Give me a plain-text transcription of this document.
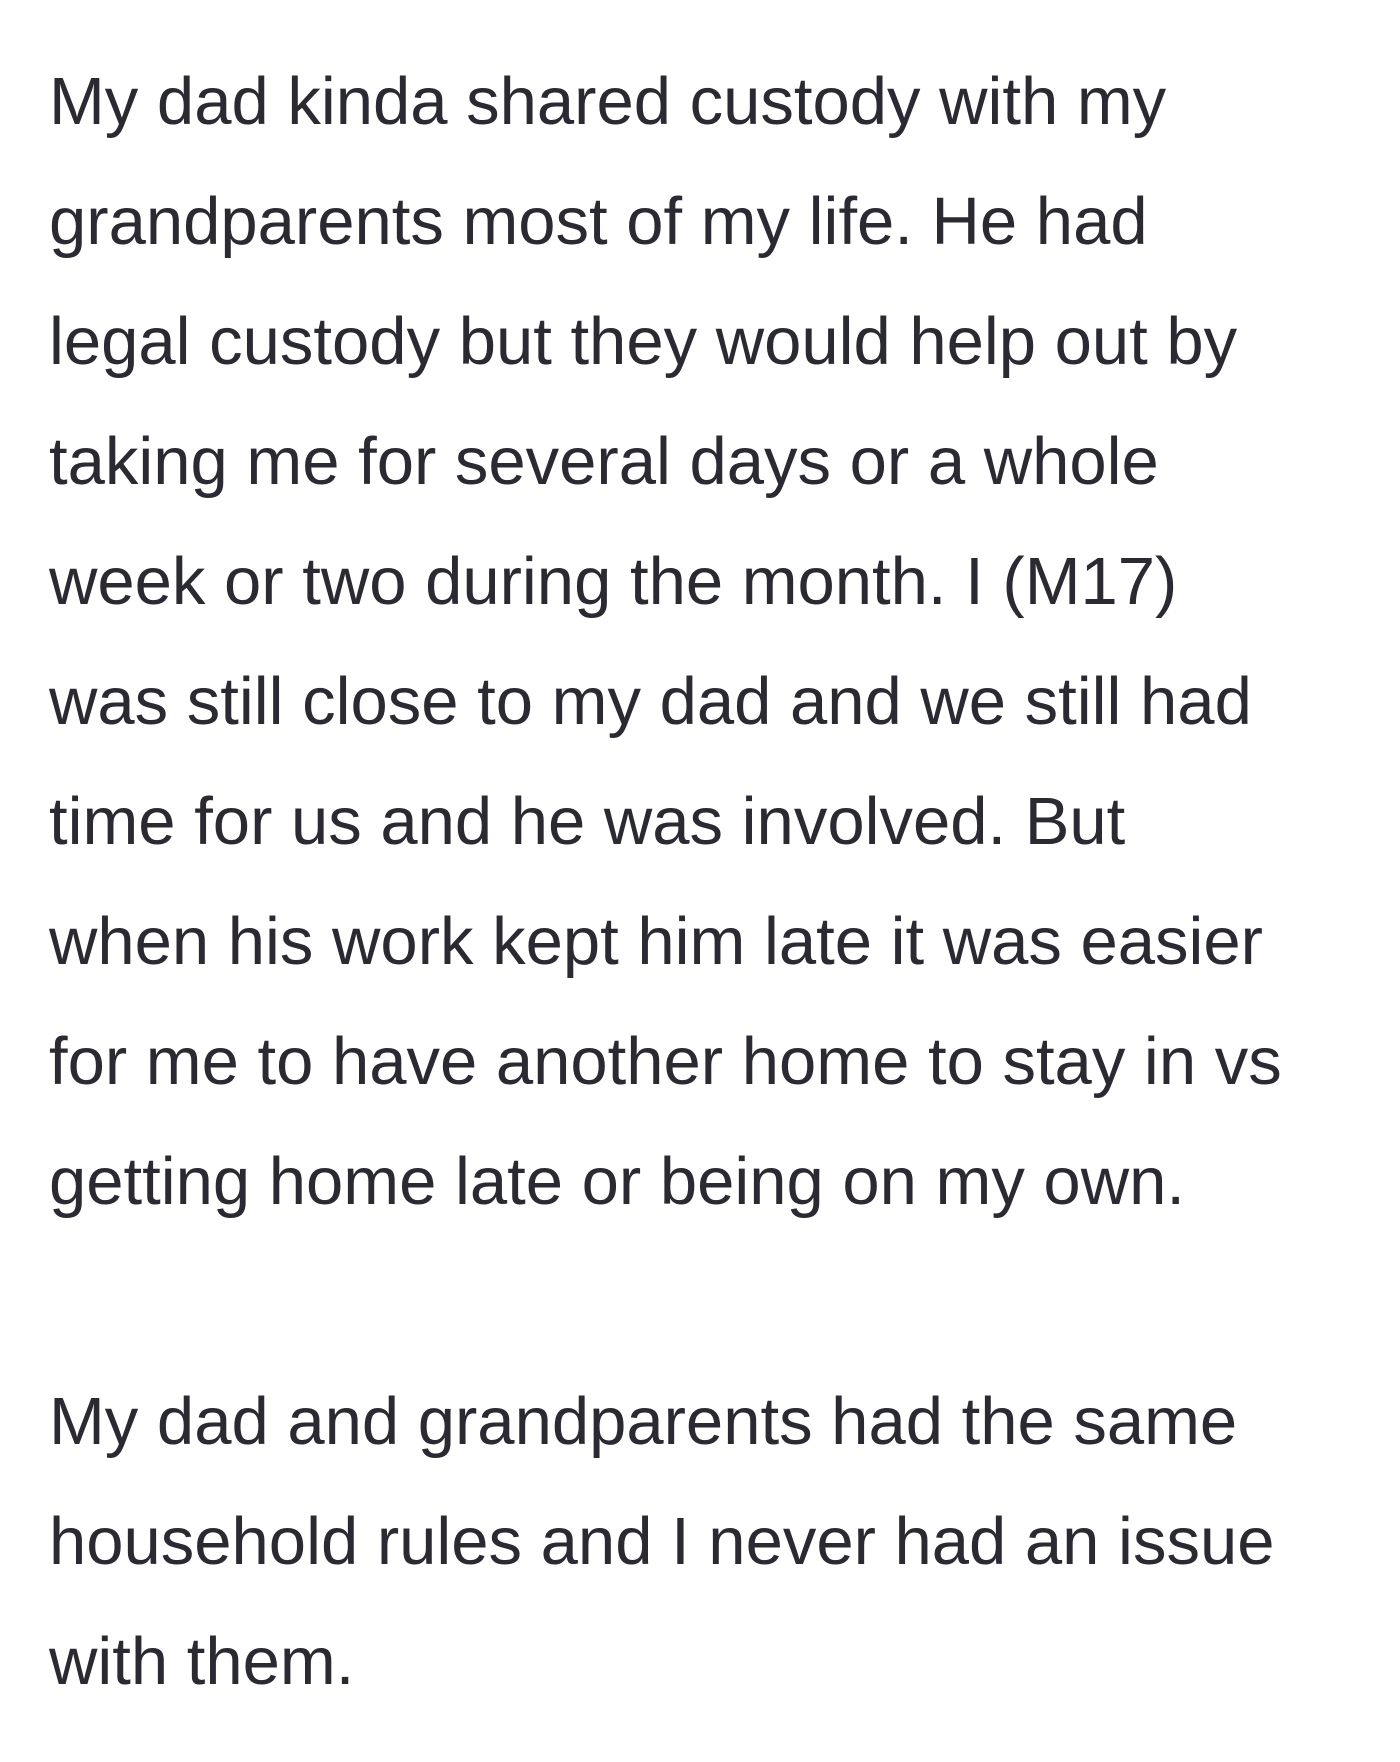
My dad kinda shared custody with my
grandparents most of my life. He had
legal custody but they would help out by
taking me for several days or a whole
week or two during the month. I (M17)
was still close to my dad and we still had
time for us and he was involved. But
when his work kept him late it was easier
for me to have another home to stay in vs
getting home late or being on my own.

My dad and grandparents had the same
household rules and I never had an issue
with them.
